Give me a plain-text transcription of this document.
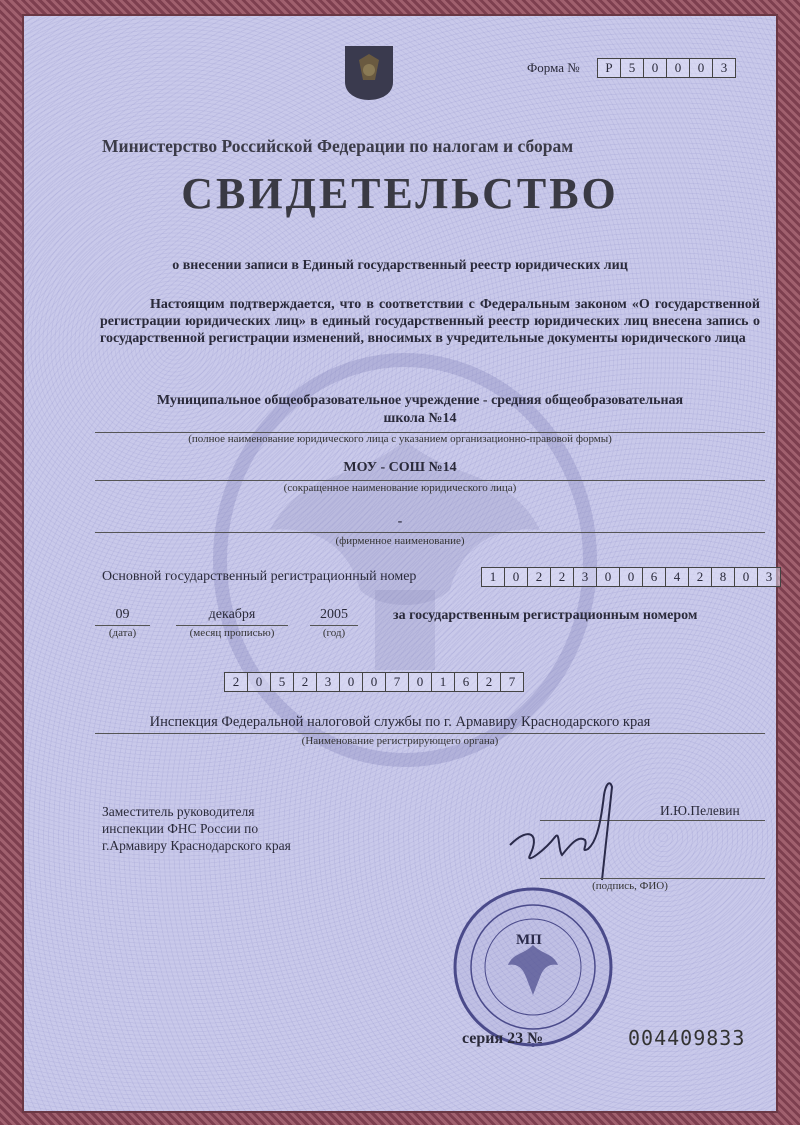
Форма №	Р	5	0	0	0	3
Министерство Российской Федерации по налогам и сборам
СВИДЕТЕЛЬСТВО
о внесении записи в Единый государственный реестр юридических лиц

Настоящим подтверждается, что в соответствии с Федеральным законом «О государственной регистрации юридических лиц» в единый государственный реестр юридических лиц внесена запись о государственной регистрации изменений, вносимых в учредительные документы юридического лица

Муниципальное общеобразовательное учреждение - средняя общеобразовательная
школа №14
(полное наименование юридического лица с указанием организационно-правовой формы)
МОУ - СОШ №14
(сокращенное наименование юридического лица)
-
(фирменное наименование)
Основной государственный регистрационный номер	1	0	2	2	3	0	0	6	4	2	8	0	3
09
(дата)
декабря
(месяц прописью)
2005
(год)
за государственным регистрационным номером
2	0	5	2	3	0	0	7	0	1	6	2	7
Инспекция Федеральной налоговой службы по г. Армавиру Краснодарского края
(Наименование регистрирующего органа)
Заместитель руководителя инспекции ФНС России по г.Армавиру Краснодарского края
И.Ю.Пелевин
(подпись, ФИО)
МП
серия 23 №	004409833
